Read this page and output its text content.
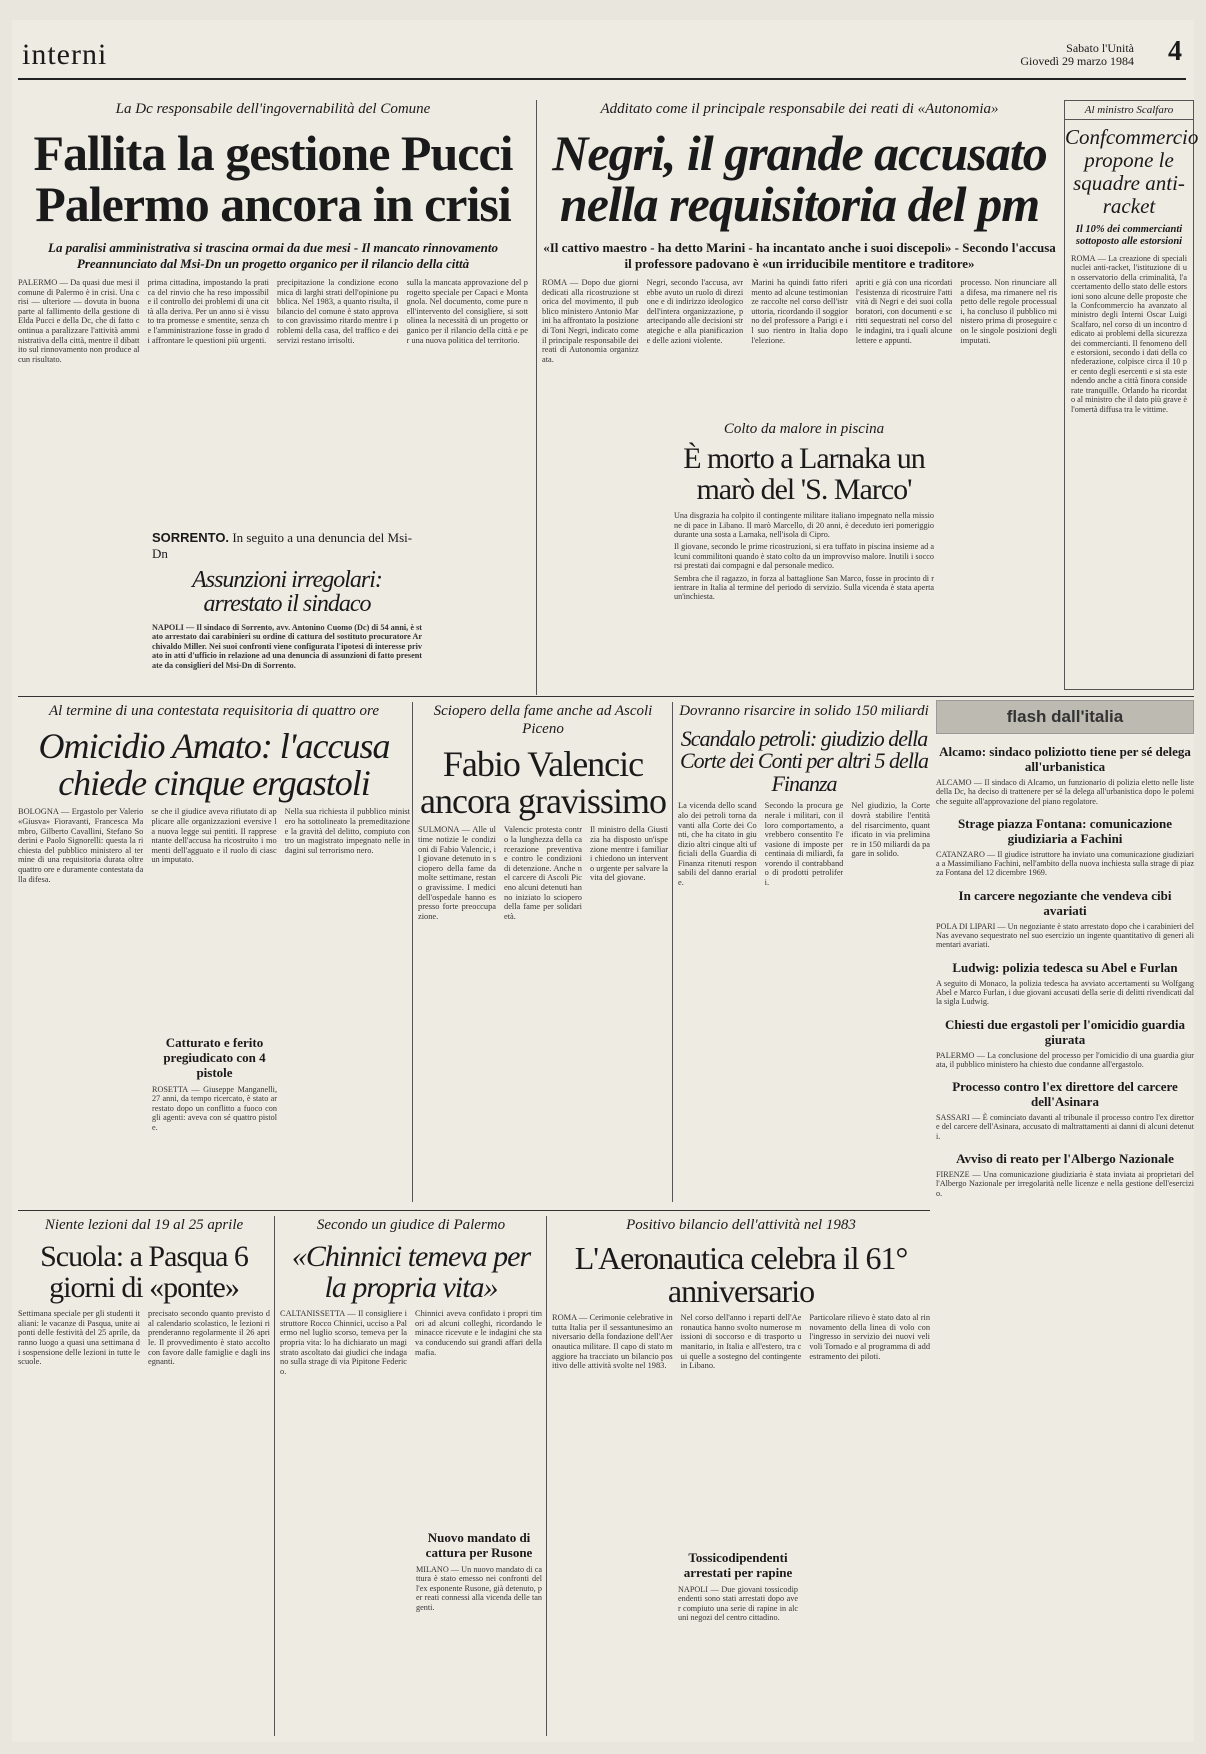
interni	Sabato l'Unità
Giovedì 29 marzo 1984 4
La Dc responsabile dell'ingovernabilità del Comune
Fallita la gestione Pucci Palermo ancora in crisi
La paralisi amministrativa si trascina ormai da due mesi - Il mancato rinnovamento Preannunciato dal Msi-Dn un progetto organico per il rilancio della città
PALERMO — Da quasi due mesi il comune di Palermo è in crisi. Una crisi — ulteriore — dovuta in buona parte al fallimento della gestione di Elda Pucci e della Dc, che di fatto continua a paralizzare l'attività amministrativa della città, mentre il dibattito sul rinnovamento non produce alcun risultato.
prima cittadina, impostando la pratica del rinvio che ha reso impossibile il controllo dei problemi di una città alla deriva. Per un anno si è vissuto tra promesse e smentite, senza che l'amministrazione fosse in grado di affrontare le questioni più urgenti.
precipitazione la condizione economica di larghi strati dell'opinione pubblica. Nel 1983, a quanto risulta, il bilancio del comune è stato approvato con gravissimo ritardo mentre i problemi della casa, del traffico e dei servizi restano irrisolti.
sulla la mancata approvazione del progetto speciale per Capaci e Montagnola. Nel documento, come pure nell'intervento del consigliere, si sottolinea la necessità di un progetto organico per il rilancio della città e per una nuova politica del territorio.
SORRENTO. In seguito a una denuncia del Msi-Dn
Assunzioni irregolari: arrestato il sindaco
NAPOLI — Il sindaco di Sorrento, avv. Antonino Cuomo (Dc) di 54 anni, è stato arrestato dai carabinieri su ordine di cattura del sostituto procuratore Archivaldo Miller. Nei suoi confronti viene configurata l'ipotesi di interesse privato in atti d'ufficio in relazione ad una denuncia di assunzioni di fatto presentate da consiglieri del Msi-Dn di Sorrento.
Additato come il principale responsabile dei reati di «Autonomia»
Negri, il grande accusato nella requisitoria del pm
«Il cattivo maestro - ha detto Marini - ha incantato anche i suoi discepoli» - Secondo l'accusa il professore padovano è «un irriducibile mentitore e traditore»
ROMA — Dopo due giorni dedicati alla ricostruzione storica del movimento, il pubblico ministero Antonio Marini ha affrontato la posizione di Toni Negri, indicato come il principale responsabile dei reati di Autonomia organizzata.
Negri, secondo l'accusa, avrebbe avuto un ruolo di direzione e di indirizzo ideologico dell'intera organizzazione, partecipando alle decisioni strategiche e alla pianificazione delle azioni violente.
Marini ha quindi fatto riferimento ad alcune testimonianze raccolte nel corso dell'istruttoria, ricordando il soggiorno del professore a Parigi e il suo rientro in Italia dopo l'elezione.
apriti e già con una ricordati l'esistenza di ricostruire l'attività di Negri e dei suoi collaboratori, con documenti e scritti sequestrati nel corso delle indagini, tra i quali alcune lettere e appunti.
processo. Non rinunciare alla difesa, ma rimanere nel rispetto delle regole processuali, ha concluso il pubblico ministero prima di proseguire con le singole posizioni degli imputati.
Colto da malore in piscina
È morto a Larnaka un marò del 'S. Marco'
Una disgrazia ha colpito il contingente militare italiano impegnato nella missione di pace in Libano. Il marò Marcello, di 20 anni, è deceduto ieri pomeriggio durante una sosta a Larnaka, nell'isola di Cipro.
Il giovane, secondo le prime ricostruzioni, si era tuffato in piscina insieme ad alcuni commilitoni quando è stato colto da un improvviso malore. Inutili i soccorsi prestati dai compagni e dal personale medico.
Sembra che il ragazzo, in forza al battaglione San Marco, fosse in procinto di rientrare in Italia al termine del periodo di servizio. Sulla vicenda è stata aperta un'inchiesta.
Al ministro Scalfaro
Confcommercio propone le squadre anti-racket
Il 10% dei commercianti sottoposto alle estorsioni
ROMA — La creazione di speciali nuclei anti-racket, l'istituzione di un osservatorio della criminalità, l'accertamento dello stato delle estorsioni sono alcune delle proposte che la Confcommercio ha avanzato al ministro degli Interni Oscar Luigi Scalfaro, nel corso di un incontro dedicato ai problemi della sicurezza dei commercianti. Il fenomeno delle estorsioni, secondo i dati della confederazione, colpisce circa il 10 per cento degli esercenti e si sta estendendo anche a città finora considerate tranquille. Orlando ha ricordato al ministro che il dato più grave è l'omertà diffusa tra le vittime.
Al termine di una contestata requisitoria di quattro ore
Omicidio Amato: l'accusa chiede cinque ergastoli
BOLOGNA — Ergastolo per Valerio «Giusva» Fioravanti, Francesca Mambro, Gilberto Cavallini, Stefano Soderini e Paolo Signorelli: questa la richiesta del pubblico ministero al termine di una requisitoria durata oltre quattro ore e duramente contestata dalla difesa.
se che il giudice aveva rifiutato di applicare alle organizzazioni eversive la nuova legge sui pentiti. Il rappresentante dell'accusa ha ricostruito i momenti dell'agguato e il ruolo di ciascun imputato.
Nella sua richiesta il pubblico ministero ha sottolineato la premeditazione e la gravità del delitto, compiuto contro un magistrato impegnato nelle indagini sul terrorismo nero.
Catturato e ferito pregiudicato con 4 pistole
ROSETTA — Giuseppe Manganelli, 27 anni, da tempo ricercato, è stato arrestato dopo un conflitto a fuoco con gli agenti: aveva con sé quattro pistole.
Sciopero della fame anche ad Ascoli Piceno
Fabio Valencic ancora gravissimo
SULMONA — Alle ultime notizie le condizioni di Fabio Valencic, il giovane detenuto in sciopero della fame da molte settimane, restano gravissime. I medici dell'ospedale hanno espresso forte preoccupazione.
Valencic protesta contro la lunghezza della carcerazione preventiva e contro le condizioni di detenzione. Anche nel carcere di Ascoli Piceno alcuni detenuti hanno iniziato lo sciopero della fame per solidarietà.
Il ministro della Giustizia ha disposto un'ispezione mentre i familiari chiedono un intervento urgente per salvare la vita del giovane.
Dovranno risarcire in solido 150 miliardi
Scandalo petroli: giudizio della Corte dei Conti per altri 5 della Finanza
La vicenda dello scandalo dei petroli torna davanti alla Corte dei Conti, che ha citato in giudizio altri cinque alti ufficiali della Guardia di Finanza ritenuti responsabili del danno erariale.
Secondo la procura generale i militari, con il loro comportamento, avrebbero consentito l'evasione di imposte per centinaia di miliardi, favorendo il contrabbando di prodotti petroliferi.
Nel giudizio, la Corte dovrà stabilire l'entità del risarcimento, quantificato in via preliminare in 150 miliardi da pagare in solido.
flash dall'italia
Alcamo: sindaco poliziotto tiene per sé delega all'urbanistica
ALCAMO — Il sindaco di Alcamo, un funzionario di polizia eletto nelle liste della Dc, ha deciso di trattenere per sé la delega all'urbanistica dopo le polemiche seguite all'approvazione del piano regolatore.
Strage piazza Fontana: comunicazione giudiziaria a Fachini
CATANZARO — Il giudice istruttore ha inviato una comunicazione giudiziaria a Massimiliano Fachini, nell'ambito della nuova inchiesta sulla strage di piazza Fontana del 12 dicembre 1969.
In carcere negoziante che vendeva cibi avariati
POLA DI LIPARI — Un negoziante è stato arrestato dopo che i carabinieri del Nas avevano sequestrato nel suo esercizio un ingente quantitativo di generi alimentari avariati.
Ludwig: polizia tedesca su Abel e Furlan
A seguito di Monaco, la polizia tedesca ha avviato accertamenti su Wolfgang Abel e Marco Furlan, i due giovani accusati della serie di delitti rivendicati dalla sigla Ludwig.
Chiesti due ergastoli per l'omicidio guardia giurata
PALERMO — La conclusione del processo per l'omicidio di una guardia giurata, il pubblico ministero ha chiesto due condanne all'ergastolo.
Processo contro l'ex direttore del carcere dell'Asinara
SASSARI — È cominciato davanti al tribunale il processo contro l'ex direttore del carcere dell'Asinara, accusato di maltrattamenti ai danni di alcuni detenuti.
Avviso di reato per l'Albergo Nazionale
FIRENZE — Una comunicazione giudiziaria è stata inviata ai proprietari dell'Albergo Nazionale per irregolarità nelle licenze e nella gestione dell'esercizio.
Niente lezioni dal 19 al 25 aprile
Scuola: a Pasqua 6 giorni di «ponte»
Settimana speciale per gli studenti italiani: le vacanze di Pasqua, unite ai ponti delle festività del 25 aprile, daranno luogo a quasi una settimana di sospensione delle lezioni in tutte le scuole.
precisato secondo quanto previsto dal calendario scolastico, le lezioni riprenderanno regolarmente il 26 aprile. Il provvedimento è stato accolto con favore dalle famiglie e dagli insegnanti.
Secondo un giudice di Palermo
«Chinnici temeva per la propria vita»
CALTANISSETTA — Il consigliere istruttore Rocco Chinnici, ucciso a Palermo nel luglio scorso, temeva per la propria vita: lo ha dichiarato un magistrato ascoltato dai giudici che indagano sulla strage di via Pipitone Federico.
Chinnici aveva confidato i propri timori ad alcuni colleghi, ricordando le minacce ricevute e le indagini che stava conducendo sui grandi affari della mafia.
Nuovo mandato di cattura per Rusone
MILANO — Un nuovo mandato di cattura è stato emesso nei confronti dell'ex esponente Rusone, già detenuto, per reati connessi alla vicenda delle tangenti.
Positivo bilancio dell'attività nel 1983
L'Aeronautica celebra il 61° anniversario
ROMA — Cerimonie celebrative in tutta Italia per il sessantunesimo anniversario della fondazione dell'Aeronautica militare. Il capo di stato maggiore ha tracciato un bilancio positivo delle attività svolte nel 1983.
Nel corso dell'anno i reparti dell'Aeronautica hanno svolto numerose missioni di soccorso e di trasporto umanitario, in Italia e all'estero, tra cui quelle a sostegno del contingente in Libano.
Particolare rilievo è stato dato al rinnovamento della linea di volo con l'ingresso in servizio dei nuovi velivoli Tornado e al programma di addestramento dei piloti.
Tossicodipendenti arrestati per rapine
NAPOLI — Due giovani tossicodipendenti sono stati arrestati dopo aver compiuto una serie di rapine in alcuni negozi del centro cittadino.
